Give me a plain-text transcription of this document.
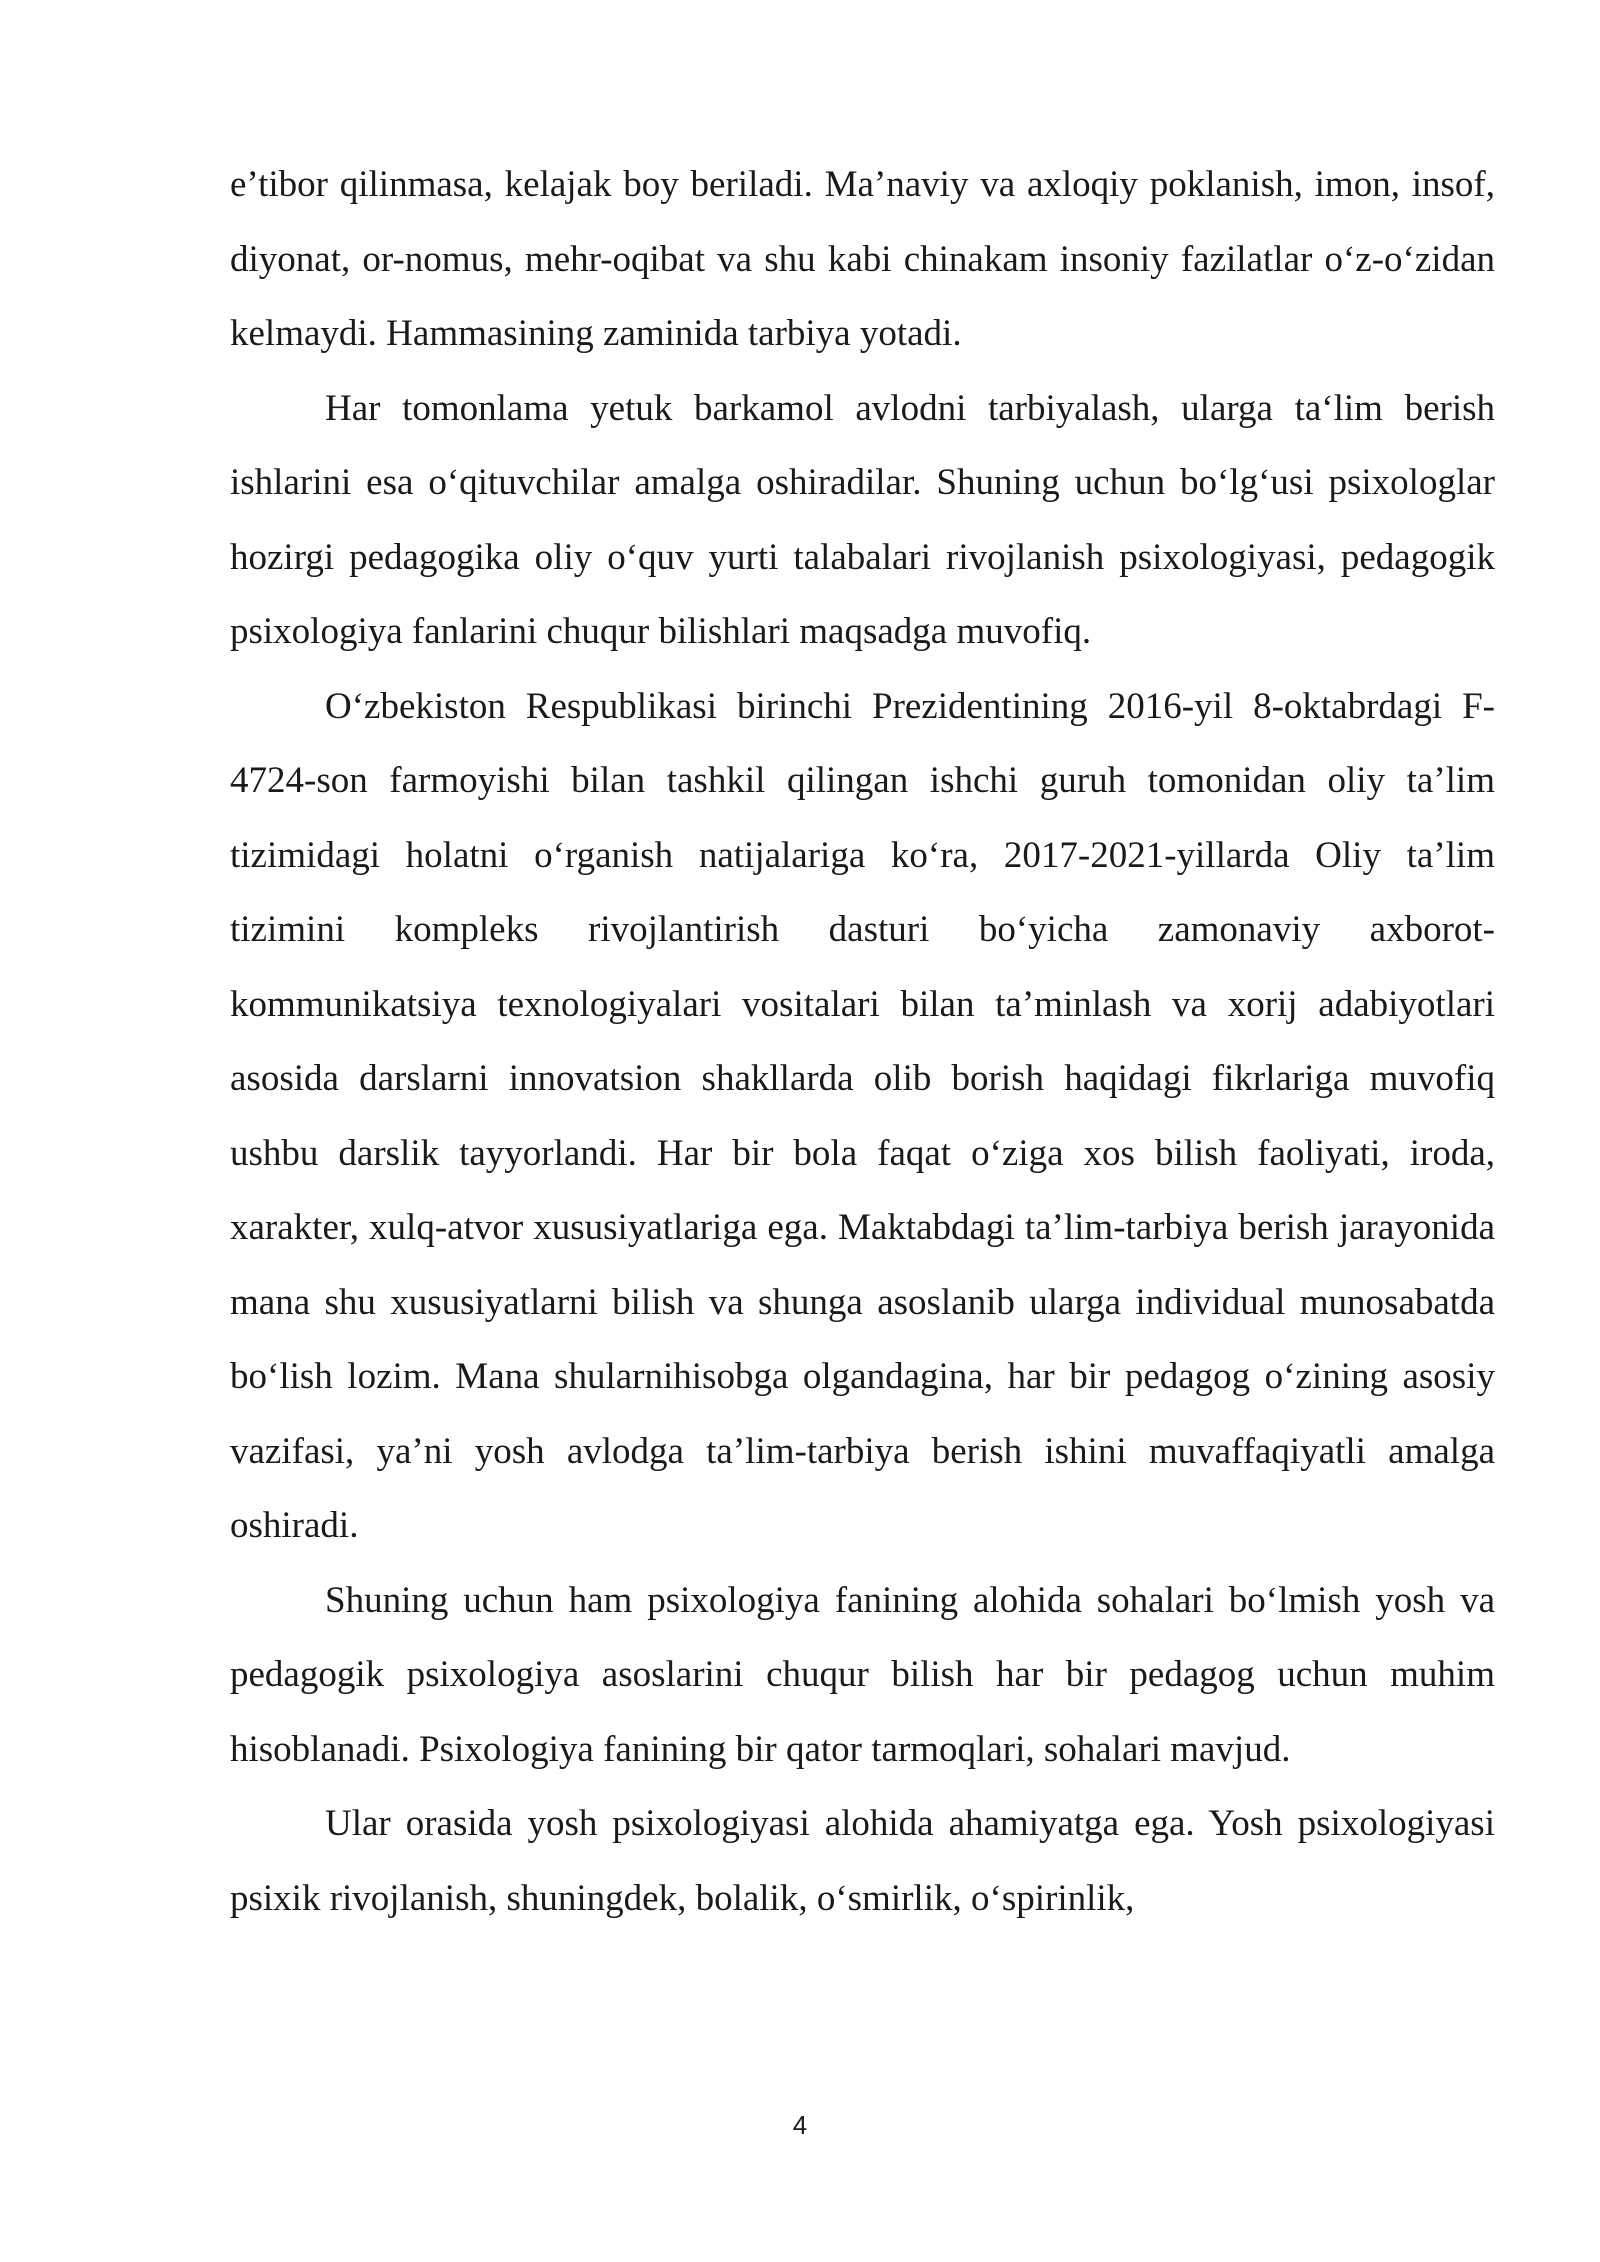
e’tibor qilinmasa, kelajak boy beriladi. Ma’naviy va axloqiy poklanish, imon, insof, diyonat, or-nomus, mehr-oqibat va shu kabi chinakam insoniy fazilatlar o‘z-o‘zidan kelmaydi. Hammasining zaminida tarbiya yotadi.

Har tomonlama yetuk barkamol avlodni tarbiyalash, ularga ta‘lim berish ishlarini esa o‘qituvchilar amalga oshiradilar. Shuning uchun bo‘lg‘usi psixologlar hozirgi pedagogika oliy o‘quv yurti talabalari rivojlanish psixologiyasi, pedagogik psixologiya fanlarini chuqur bilishlari maqsadga muvofiq.

O‘zbekiston Respublikasi birinchi Prezidentining 2016-yil 8-oktabrdagi F-4724-son farmoyishi bilan tashkil qilingan ishchi guruh tomonidan oliy ta’lim tizimidagi holatni o‘rganish natijalariga ko‘ra, 2017-2021-yillarda Oliy ta’lim tizimini kompleks rivojlantirish dasturi bo‘yicha zamonaviy axborot-kommunikatsiya texnologiyalari vositalari bilan ta’minlash va xorij adabiyotlari asosida darslarni innovatsion shakllarda olib borish haqidagi fikrlariga muvofiq ushbu darslik tayyorlandi. Har bir bola faqat o‘ziga xos bilish faoliyati, iroda, xarakter, xulq-atvor xususiyatlariga ega. Maktabdagi ta’lim-tarbiya berish jarayonida mana shu xususiyatlarni bilish va shunga asoslanib ularga individual munosabatda bo‘lish lozim. Mana shularnihisobga olgandagina, har bir pedagog o‘zining asosiy vazifasi, ya’ni yosh avlodga ta’lim-tarbiya berish ishini muvaffaqiyatli amalga oshiradi.

Shuning uchun ham psixologiya fanining alohida sohalari bo‘lmish yosh va pedagogik psixologiya asoslarini chuqur bilish har bir pedagog uchun muhim hisoblanadi. Psixologiya fanining bir qator tarmoqlari, sohalari mavjud.

Ular orasida yosh psixologiyasi alohida ahamiyatga ega. Yosh psixologiyasi psixik rivojlanish, shuningdek, bolalik, o‘smirlik, o‘spirinlik,

4
